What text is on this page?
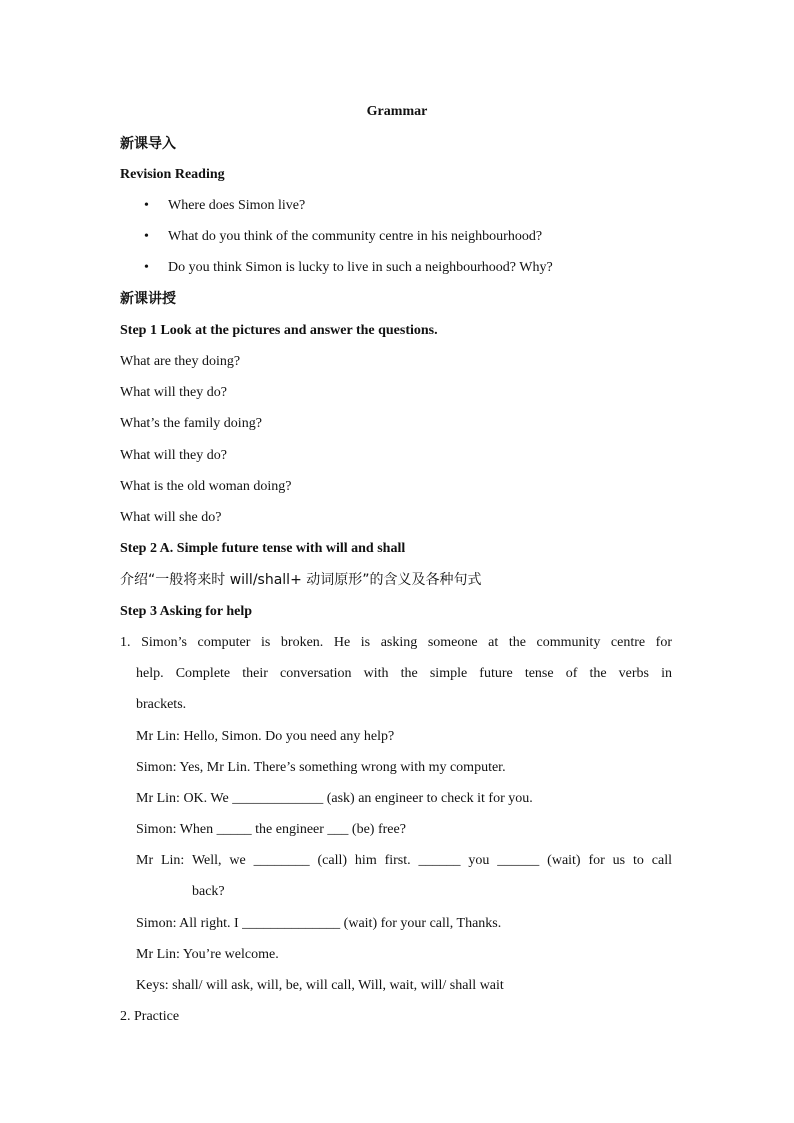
Grammar
新课导入
Revision Reading
• Where does Simon live?
• What do you think of the community centre in his neighbourhood?
• Do you think Simon is lucky to live in such a neighbourhood? Why?
新课讲授
Step 1 Look at the pictures and answer the questions.
What are they doing?
What will they do?
What’s the family doing?
What will they do?
What is the old woman doing?
What will she do?
Step 2 A. Simple future tense with will and shall
介绍“一般将来时 will/shall+ 动词原形”的含义及各种句式
Step 3 Asking for help
1. Simon’s computer is broken. He is asking someone at the community centre for
help. Complete their conversation with the simple future tense of the verbs in
brackets.
Mr Lin: Hello, Simon. Do you need any help?
Simon: Yes, Mr Lin. There’s something wrong with my computer.
Mr Lin: OK. We _____________ (ask) an engineer to check it for you.
Simon: When _____ the engineer ___ (be) free?
Mr Lin: Well, we ________ (call) him first. ______ you ______ (wait) for us to call
back?
Simon: All right. I ______________ (wait) for your call, Thanks.
Mr Lin: You’re welcome.
Keys: shall/ will ask, will, be, will call, Will, wait, will/ shall wait
2. Practice
